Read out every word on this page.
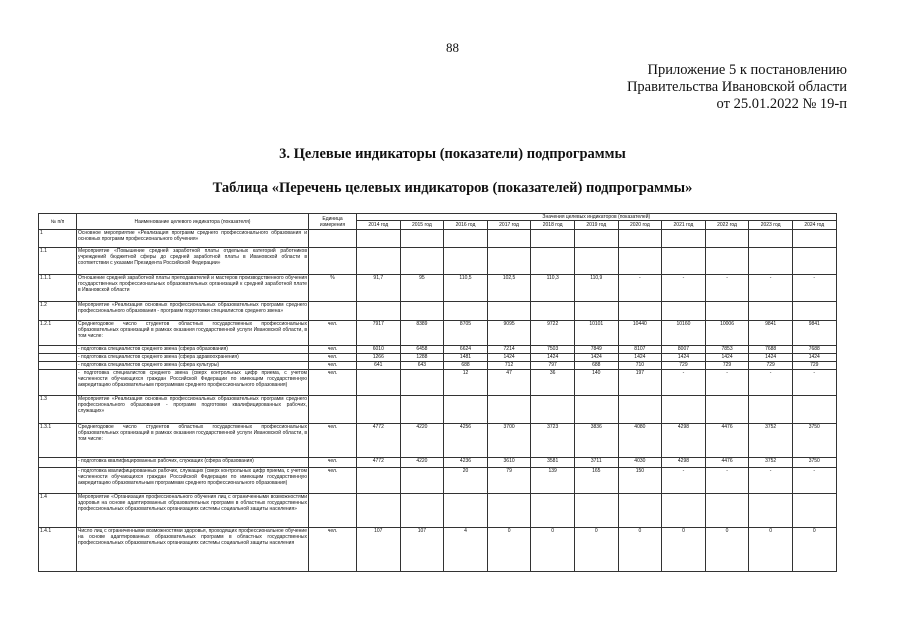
88
Приложение 5 к постановлению
Правительства Ивановской области
от 25.01.2022 № 19-п
3. Целевые индикаторы (показатели) подпрограммы
Таблица «Перечень целевых индикаторов (показателей) подпрограммы»
№ п/п	Наименование целевого индикатора (показателя)	Единица измерения	Значения целевых индикаторов (показателей)										
			2014 год	2015 год	2016 год	2017 год	2018 год	2019 год	2020 год	2021 год	2022 год	2023 год	2024 год
1	Основное мероприятие «Реализация программ среднего профессионального образования и основных программ профессионального обучения»												
1.1	Мероприятие «Повышение средней заработной платы отдельных категорий работников учреждений бюджетной сферы до средней заработной платы в Ивановской области в соответствии с указами Президента Российской Федерации»												
1.1.1	Отношение средней заработной платы преподавателей и мастеров производственного обучения государственных профессиональных образовательных организаций к средней заработной плате в Ивановской области	%	91,7	95	110,5	102,5	110,3	110,9	-	-	-	-	-
1.2	Мероприятие «Реализация основных профессиональных образовательных программ среднего профессионального образования - программ подготовки специалистов среднего звена»												
1.2.1	Среднегодовое число студентов областных государственных профессиональных образовательных организаций в рамках оказания государственной услуги Ивановской области, в том числе:	чел.	7917	8389	8705	9095	9722	10101	10440	10160	10006	9841	9841
	- подготовка специалистов среднего звена (сфера образования)	чел.	6010	6458	6624	7214	7503	7849	8107	8007	7853	7688	7688
	- подготовка специалистов среднего звена (сфера здравоохранения)	чел.	1266	1288	1481	1424	1424	1424	1424	1424	1424	1424	1424
	- подготовка специалистов среднего звена (сфера культуры)	чел.	641	643	688	712	797	688	710	729	729	729	729
	- подготовка специалистов среднего звена (сверх контрольных цифр приема, с учетом численности обучающихся граждан Российской Федерации по имеющим государственную аккредитацию образовательным программам среднего профессионального образования)	чел.			12	47	36	140	197	-	-	-	-
1.3	Мероприятие «Реализация основных профессиональных образовательных программ среднего профессионального образования - программ подготовки квалифицированных рабочих, служащих»												
1.3.1	Среднегодовое число студентов областных государственных профессиональных образовательных организаций в рамках оказания государственной услуги Ивановской области, в том числе:	чел.	4772	4220	4256	3700	3723	3836	4080	4298	4476	3752	3750
	- подготовка квалифицированных рабочих, служащих (сфера образования)	чел.	4772	4220	4236	3610	3581	3711	4030	4298	4476	3752	3750
	- подготовка квалифицированных рабочих, служащих (сверх контрольных цифр приема, с учетом численности обучающихся граждан Российской Федерации по имеющим государственную аккредитацию образовательным программам среднего профессионального образования)	чел.			20	79	139	165	150	-	-	-	-
1.4	Мероприятие «Организация профессионального обучения лиц с ограниченными возможностями здоровья на основе адаптированных образовательных программ в областных государственных профессиональных образовательных организациях системы социальной защиты населения»												
1.4.1	Число лиц с ограниченными возможностями здоровья, проходящих профессиональное обучение на основе адаптированных образовательных программ в областных государственных профессиональных образовательных организациях системы социальной защиты населения	чел.	107	107	4	0	0	0	0	0	0	0	0
